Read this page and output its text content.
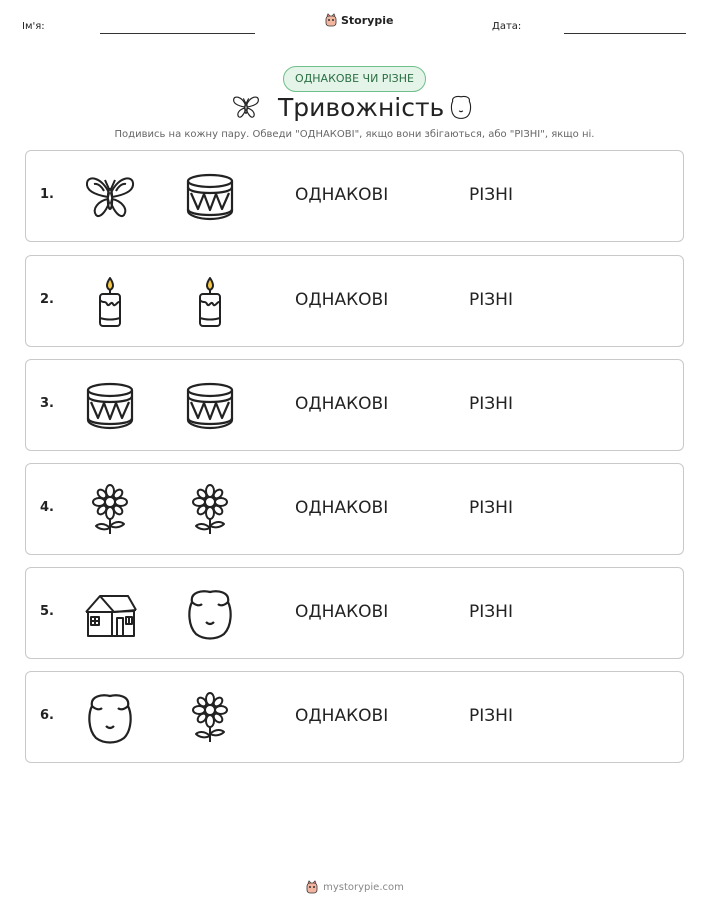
Ім'я:	Storypie	Дата:
ОДНАКОВЕ ЧИ РІЗНЕ
Тривожність
Подивись на кожну пару. Обведи "ОДНАКОВІ", якщо вони збігаються, або "РІЗНІ", якщо ні.
1.	ОДНАКОВІ	РІЗНІ
2.	ОДНАКОВІ	РІЗНІ
3.	ОДНАКОВІ	РІЗНІ
4.	ОДНАКОВІ	РІЗНІ
5.	ОДНАКОВІ	РІЗНІ
6.	ОДНАКОВІ	РІЗНІ
mystorypie.com
